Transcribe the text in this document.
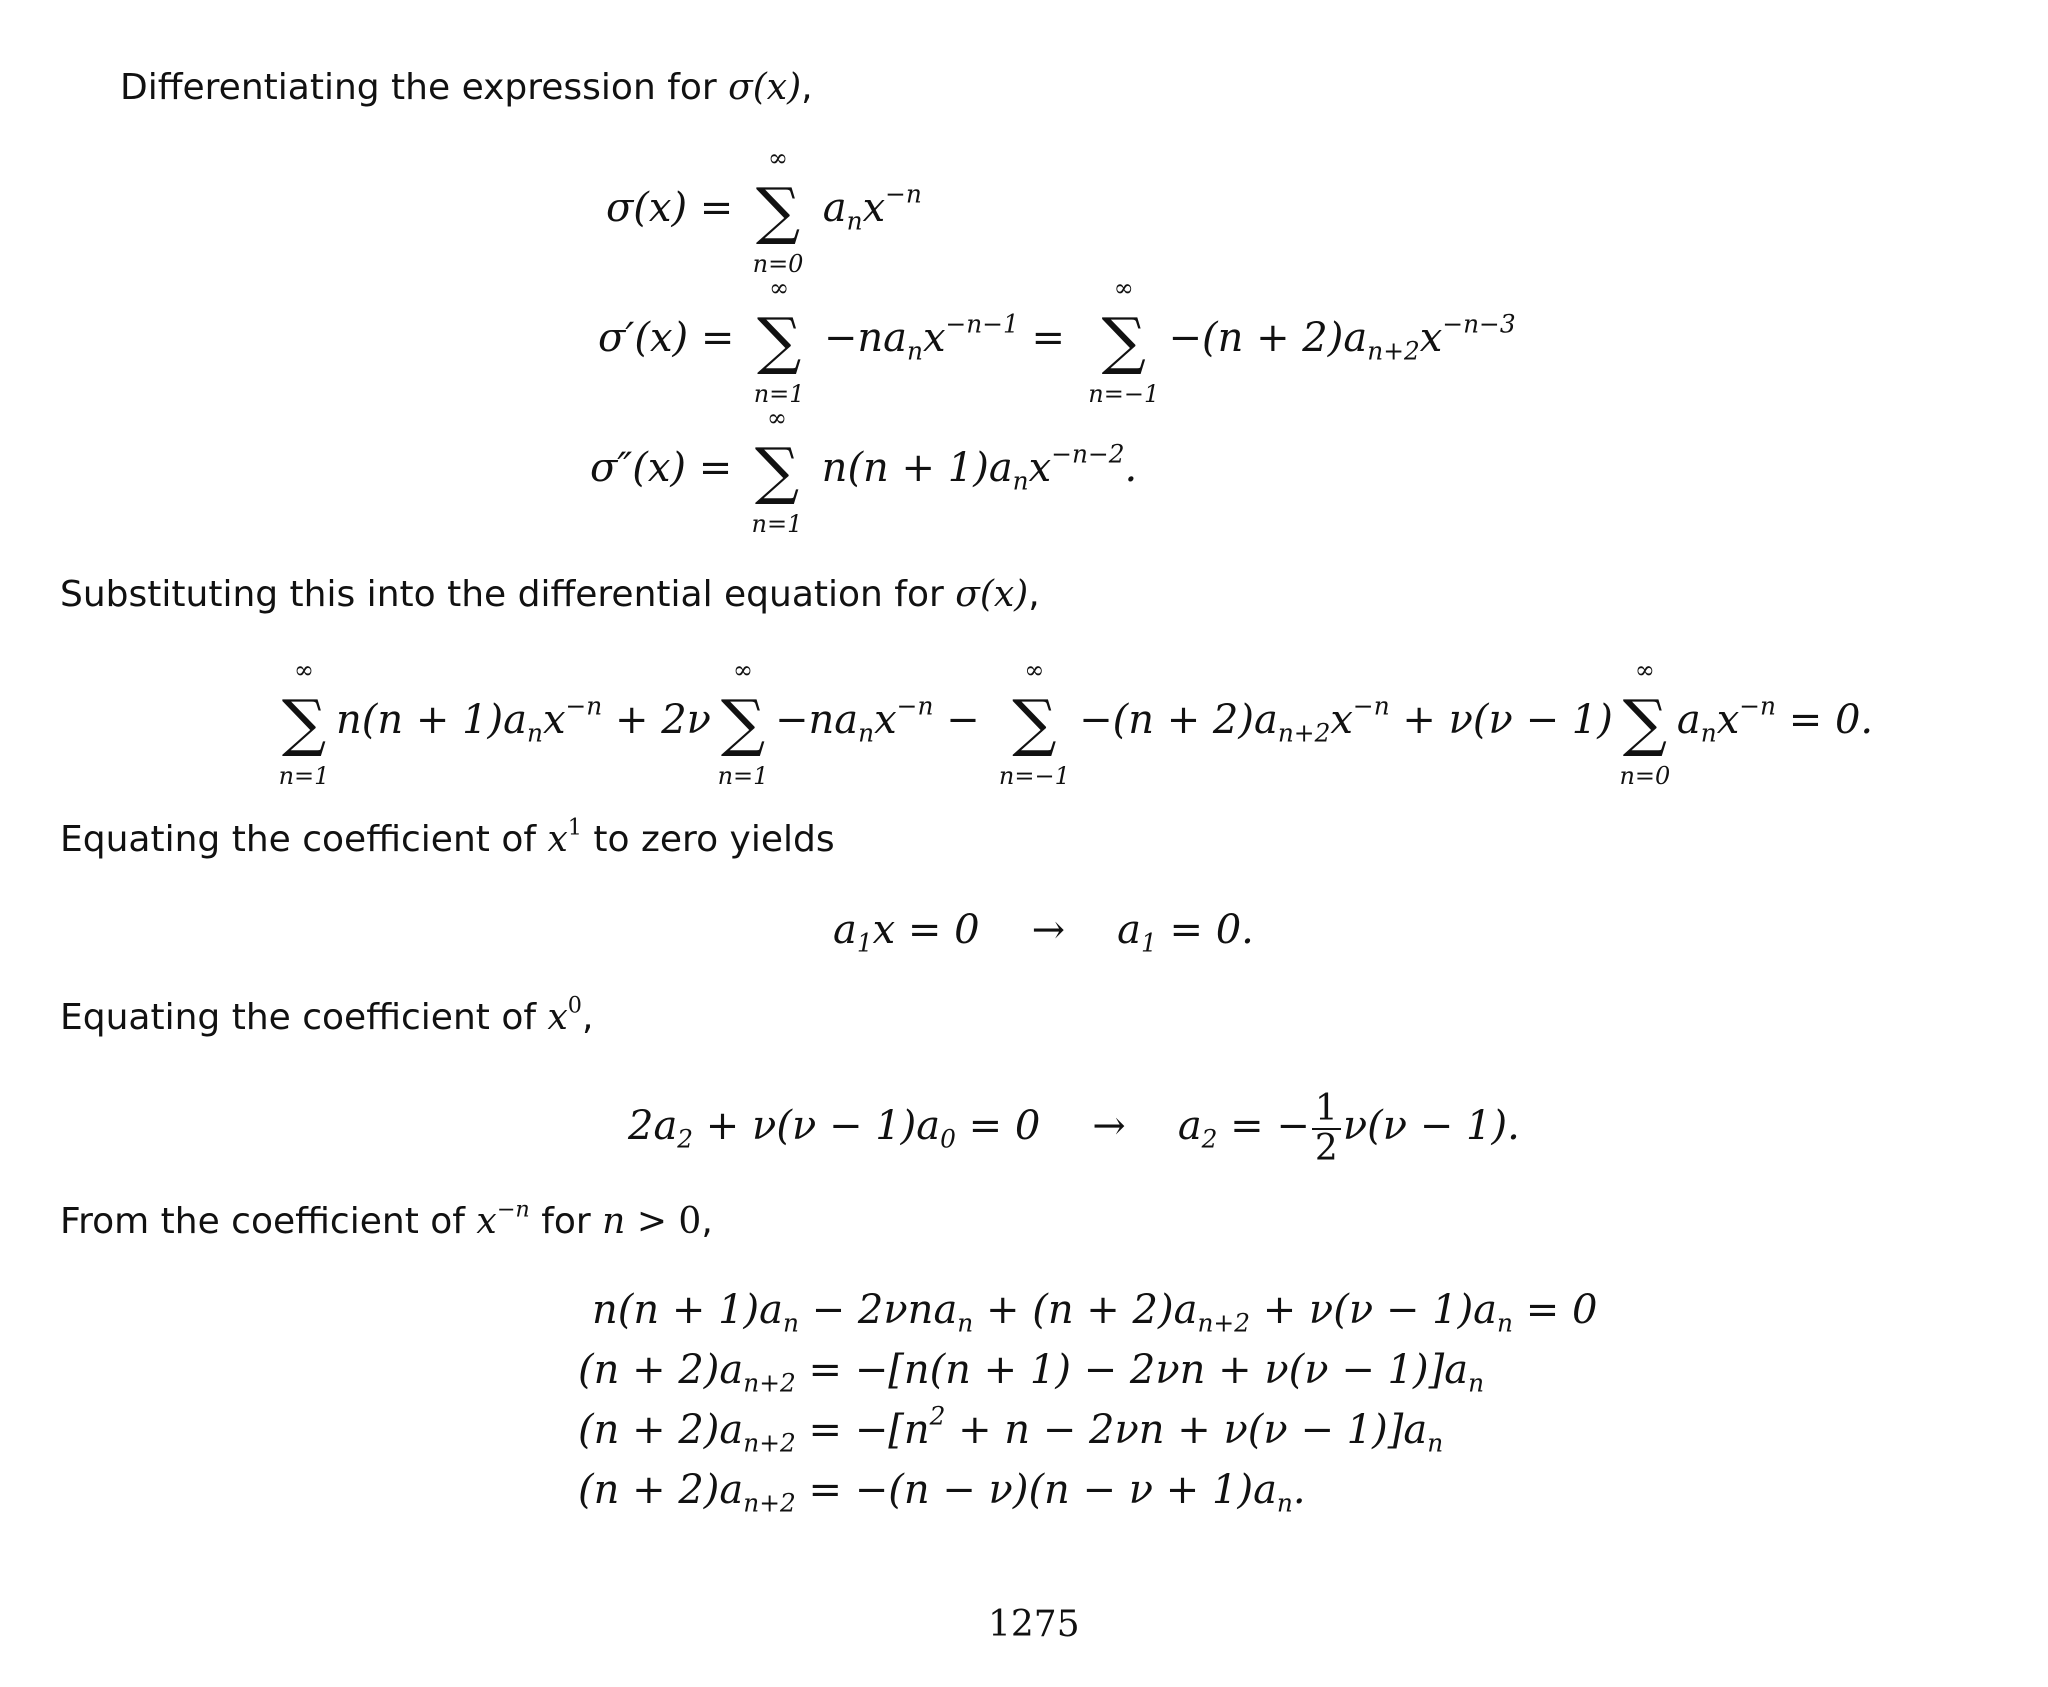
Differentiating the expression for σ(x),
σ(x) =
∞
∑
n=0
$a_nx^{-n}$
σ′(x) =
∞
∑
n=1
$-na_nx^{-n-1}$ =
∞
∑
n=−1
$-(n + 2)a_{n+2}x^{-n-3}$
σ″(x) =
∞
∑
n=1
$n(n + 1)a_nx^{-n-2}$.
Substituting this into the differential equation for σ(x),
∞
∑
n=1
$n(n + 1)a_nx^{-n} + 2\nu$
∞
∑
n=1
$-na_nx^{-n}$ −
∞
∑
n=−1
$-(n + 2)a_{n+2}x^{-n} + \nu(\nu - 1)$
∞
∑
n=0
$a_nx^{-n} = 0$.
Equating the coefficient of $x^1$ to zero yields
$a_1x = 0 \to a_1 = 0$.
Equating the coefficient of $x^0$,
$2a_2 + \nu(\nu - 1)a_0 = 0 \to a_2$ = − $\frac{1}{2} \nu(\nu - 1)$.
From the coefficient of $x^{-n}$ for n > 0,
$n(n + 1)a_n - 2\nu na_n + (n + 2)a_{n+2} + \nu(\nu - 1)a_n = 0$
$(n + 2)a_{n+2} = -[n(n + 1) - 2\nu n + \nu(\nu - 1)]a_n$
$(n + 2)a_{n+2} = -[n^2 + n - 2\nu n + \nu(\nu - 1)]a_n$
$(n + 2)a_{n+2} = -(n - \nu)(n - \nu + 1)a_n$.
1275
